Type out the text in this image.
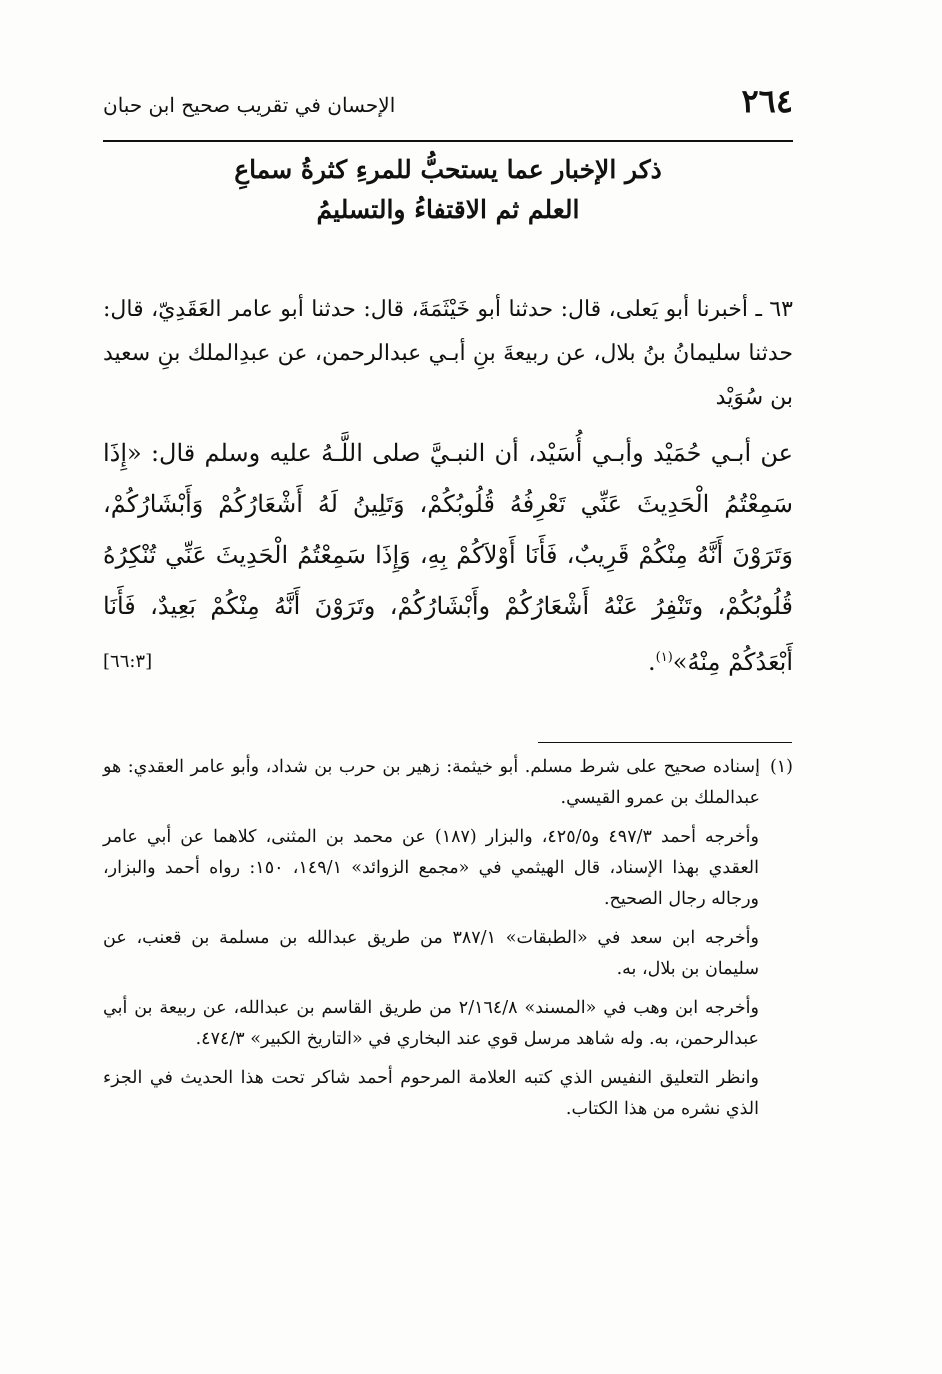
٢٦٤
الإحسان في تقريب صحيح ابن حبان
ذكر الإخبار عما يستحبُّ للمرءِ كثرةُ سماعِ
العلم ثم الاقتفاءُ والتسليمُ

٦٣ ـ أخبرنا أبو يَعلى، قال: حدثنا أبو خَيْثَمَةَ، قال: حدثنا أبو عامر العَقَدِيّ، قال: حدثنا سليمانُ بنُ بلال، عن ربيعةَ بنِ أبـي عبدالرحمن، عن عبدِالملك بنِ سعيد بن سُوَيْد

عن أبـي حُمَيْد وأبـي أُسَيْد، أن النبـيَّ صلى اللَّـهُ عليه وسلم قال: «إِذَا سَمِعْتُمُ الْحَدِيثَ عَنِّي تَعْرِفُهُ قُلُوبُكُمْ، وَتَلِينُ لَهُ أَشْعَارُكُمْ وَأَبْشَارُكُمْ، وَتَرَوْنَ أَنَّهُ مِنْكُمْ قَرِيبٌ، فَأَنَا أَوْلاَكُمْ بِهِ، وَإِذَا سَمِعْتُمُ الْحَدِيثَ عَنِّي تُنْكِرُهُ قُلُوبُكُمْ، وتَنْفِرُ عَنْهُ أَشْعَارُكُمْ وأَبْشَارُكُمْ، وتَرَوْنَ أَنَّهُ مِنْكُمْ بَعِيدٌ، فَأَنَا أَبْعَدُكُمْ مِنْهُ»$^{(١)}$.
[٦٦:٣]
(١)
إسناده صحيح على شرط مسلم. أبو خيثمة: زهير بن حرب بن شداد، وأبو عامر العقدي: هو عبدالملك بن عمرو القيسي.

وأخرجه أحمد ٤٩٧/٣ و٤٢٥/٥، والبزار (١٨٧) عن محمد بن المثنى، كلاهما عن أبي عامر العقدي بهذا الإسناد، قال الهيثمي في «مجمع الزوائد» ١٤٩/١، ١٥٠: رواه أحمد والبزار، ورجاله رجال الصحيح.

وأخرجه ابن سعد في «الطبقات» ٣٨٧/١ من طريق عبدالله بن مسلمة بن قعنب، عن سليمان بن بلال، به.

وأخرجه ابن وهب في «المسند» ٢/١٦٤/٨ من طريق القاسم بن عبدالله، عن ربيعة بن أبي عبدالرحمن، به. وله شاهد مرسل قوي عند البخاري في «التاريخ الكبير» ٤٧٤/٣.

وانظر التعليق النفيس الذي كتبه العلامة المرحوم أحمد شاكر تحت هذا الحديث في الجزء الذي نشره من هذا الكتاب.
